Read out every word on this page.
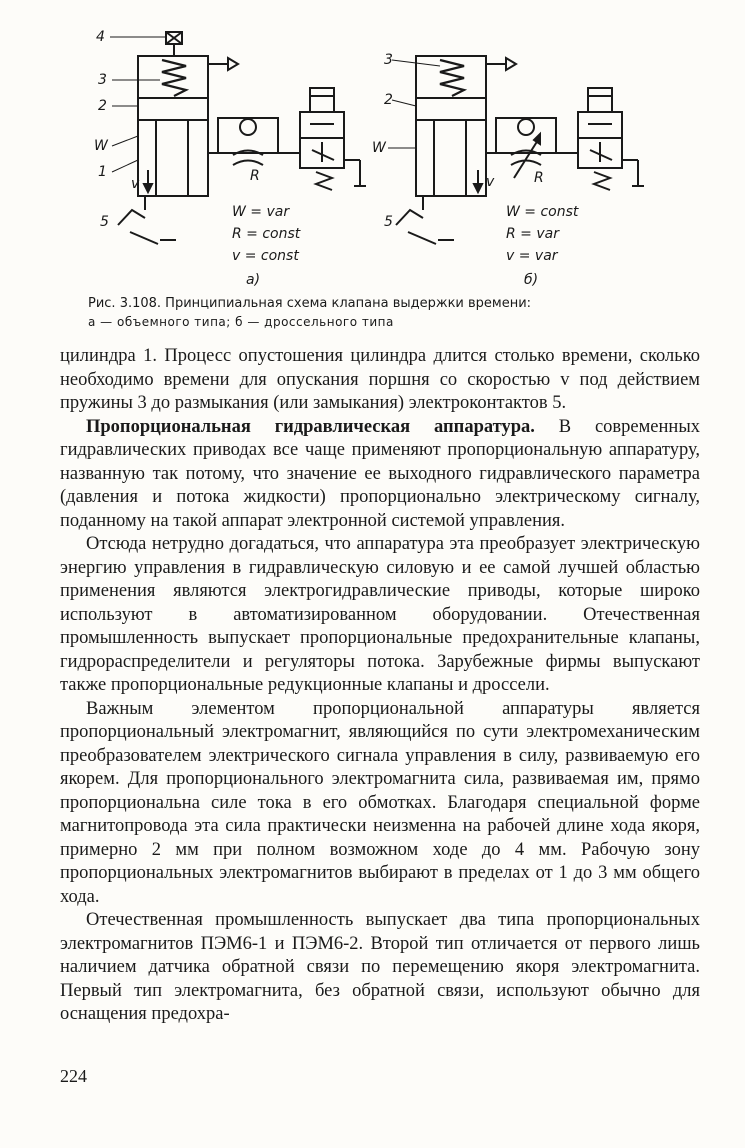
4
3
2
W
1
5
v	R
W = var
R = const
v = const
а)
3
2
W
5
v	R
W = const
R = var
v = var
б)
Рис. 3.108. Принципиальная схема клапана выдержки времени:
а — объемного типа; б — дроссельного типа

цилиндра 1. Процесс опустошения цилиндра длится столько времени, сколько необходимо времени для опускания поршня со скоростью v под действием пружины 3 до размыкания (или замыкания) электроконтактов 5.

Пропорциональная гидравлическая аппаратура. В современных гидравлических приводах все чаще применяют пропорциональную аппаратуру, названную так потому, что значение ее выходного гидравлического параметра (давления и потока жидкости) пропорционально электрическому сигналу, поданному на такой аппарат электронной системой управления.

Отсюда нетрудно догадаться, что аппаратура эта преобразует электрическую энергию управления в гидравлическую силовую и ее самой лучшей областью применения являются электрогидравлические приводы, которые широко используют в автоматизированном оборудовании. Отечественная промышленность выпускает пропорциональные предохранительные клапаны, гидрораспределители и регуляторы потока. Зарубежные фирмы выпускают также пропорциональные редукционные клапаны и дроссели.

Важным элементом пропорциональной аппаратуры является пропорциональный электромагнит, являющийся по сути электромеханическим преобразователем электрического сигнала управления в силу, развиваемую его якорем. Для пропорционального электромагнита сила, развиваемая им, прямо пропорциональна силе тока в его обмотках. Благодаря специальной форме магнитопровода эта сила практически неизменна на рабочей длине хода якоря, примерно 2 мм при полном возможном ходе до 4 мм. Рабочую зону пропорциональных электромагнитов выбирают в пределах от 1 до 3 мм общего хода.

Отечественная промышленность выпускает два типа пропорциональных электромагнитов ПЭМ6-1 и ПЭМ6-2. Второй тип отличается от первого лишь наличием датчика обратной связи по перемещению якоря электромагнита. Первый тип электромагнита, без обратной связи, используют обычно для оснащения предохра-

224
